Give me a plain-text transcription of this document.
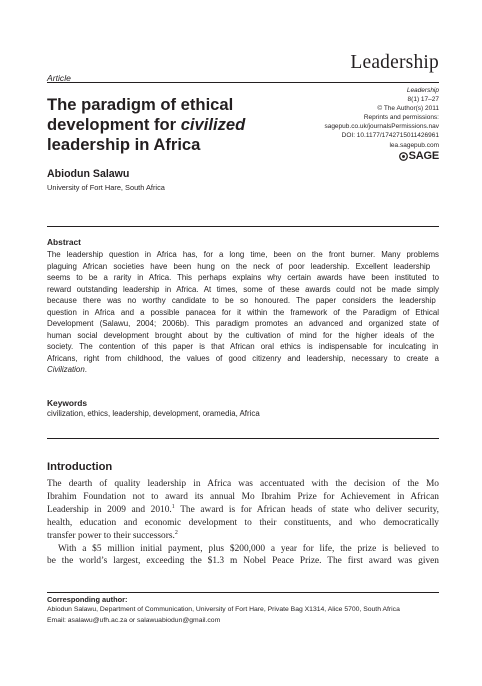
Leadership
Article
Leadership
8(1) 17–27
© The Author(s) 2011
Reprints and permissions:
sagepub.co.uk/journalsPermissions.nav
DOI: 10.1177/1742715011426961
lea.sagepub.com
SAGE
The paradigm of ethical
development for civilized
leadership in Africa
Abiodun Salawu
University of Fort Hare, South Africa
Abstract

The leadership question in Africa has, for a long time, been on the front burner. Many problems

plaguing African societies have been hung on the neck of poor leadership. Excellent leadership

seems to be a rarity in Africa. This perhaps explains why certain awards have been instituted to

reward outstanding leadership in Africa. At times, some of these awards could not be made simply

because there was no worthy candidate to be so honoured. The paper considers the leadership

question in Africa and a possible panacea for it within the framework of the Paradigm of Ethical

Development (Salawu, 2004; 2006b). This paradigm promotes an advanced and organized state of

human social development brought about by the cultivation of mind for the higher ideals of the

society. The contention of this paper is that African oral ethics is indispensable for inculcating in

Africans, right from childhood, the values of good citizenry and leadership, necessary to create a

Civilization.

Keywords
civilization, ethics, leadership, development, oramedia, Africa
Introduction
The dearth of quality leadership in Africa was accentuated with the decision of the Mo
Ibrahim Foundation not to award its annual Mo Ibrahim Prize for Achievement in African
Leadership in 2009 and 2010.$^1$ The award is for African heads of state who deliver security,
health, education and economic development to their constituents, and who democratically
transfer power to their successors.$^2$
With a $5 million initial payment, plus $200,000 a year for life, the prize is believed to
be the world’s largest, exceeding the $1.3 m Nobel Peace Prize. The first award was given
Corresponding author:
Abiodun Salawu, Department of Communication, University of Fort Hare, Private Bag X1314, Alice 5700, South Africa
Email: asalawu@ufh.ac.za or salawuabiodun@gmail.com
